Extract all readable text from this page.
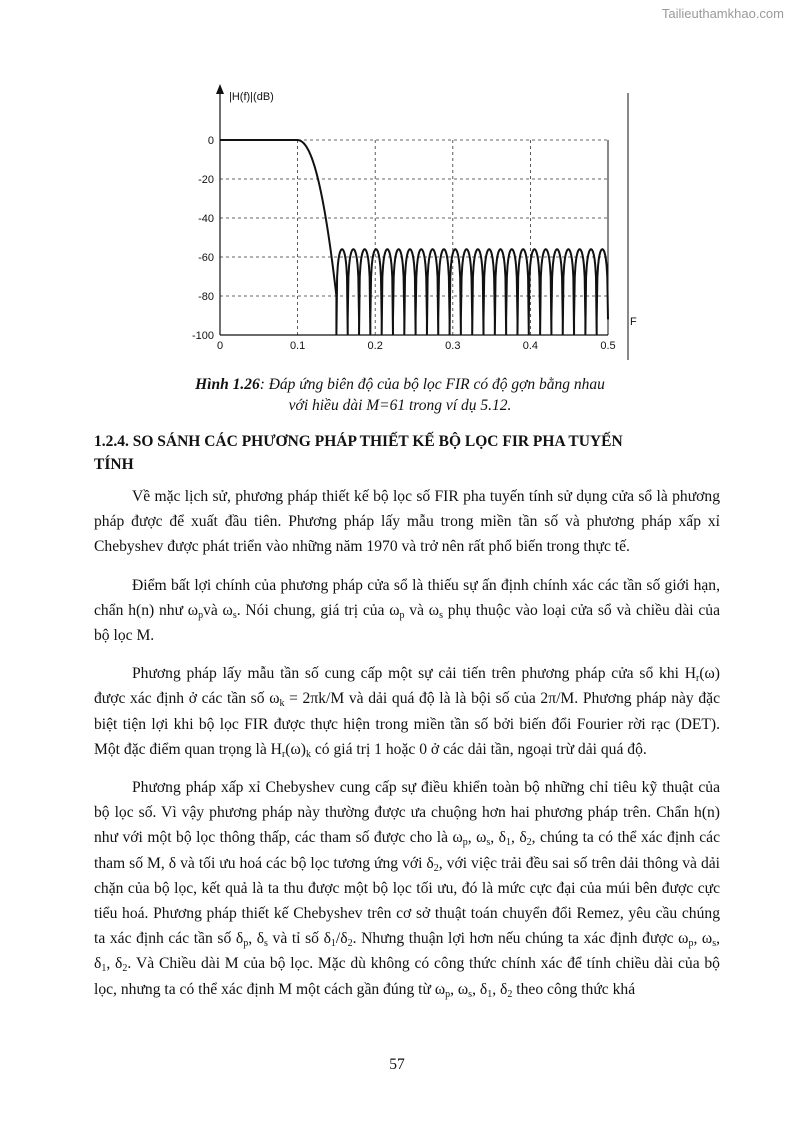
Tailieuthamkhao.com
0	0.1	0.2	0.3	0.4	0.5
0
-20
-40
-60
-80
-100
|H(f)|(dB)
F
Hình 1.26: Đáp ứng biên độ của bộ lọc FIR có độ gợn bằng nhau
với hiều dài M=61 trong ví dụ 5.12.
1.2.4. SO SÁNH CÁC PHƯƠNG PHÁP THIẾT KẾ BỘ LỌC FIR PHA TUYẾN
TÍNH

Về mặc lịch sử, phương pháp thiết kế bộ lọc số FIR pha tuyến tính sử dụng cửa sổ là phương pháp được để xuất đầu tiên. Phương pháp lấy mẫu trong miền tần số và phương pháp xấp xỉ Chebyshev được phát triển vào những năm 1970 và trở nên rất phổ biến trong thực tế.

Điểm bất lợi chính của phương pháp cửa sổ là thiếu sự ấn định chính xác các tần số giới hạn, chẩn h(n) như $\omega_pvà$ $\omega_s$. Nói chung, giá trị của $\omega_p$ và $\omega_s$ phụ thuộc vào loại cửa sổ và chiều dài của bộ lọc M.

Phương pháp lấy mẫu tần số cung cấp một sự cải tiến trên phương pháp cửa sổ khi $H_r(\omega)$ được xác định ở các tần số $\omega_k = 2\pi k/M$ và dải quá độ là là bội số của 2π/M. Phương pháp này đặc biệt tiện lợi khi bộ lọc FIR được thực hiện trong miền tần số bởi biến đổi Fourier rời rạc (DET). Một đặc điểm quan trọng là $H_r(\omega)_k$ có giá trị 1 hoặc 0 ở các dải tần, ngoại trừ dải quá độ.

Phương pháp xấp xỉ Chebyshev cung cấp sự điều khiển toàn bộ những chỉ tiêu kỹ thuật của bộ lọc số. Vì vậy phương pháp này thường được ưa chuộng hơn hai phương pháp trên. Chẩn h(n) như với một bộ lọc thông thấp, các tham số được cho là $\omega_p$, $\omega_s$, $\delta_1$, $\delta_2$, chúng ta có thể xác định các tham số M, δ và tối ưu hoá các bộ lọc tương ứng với $\delta_2$, với việc trải đều sai số trên dải thông và dải chặn của bộ lọc, kết quả là ta thu được một bộ lọc tối ưu, đó là mức cực đại của múi bên được cực tiểu hoá. Phương pháp thiết kế Chebyshev trên cơ sở thuật toán chuyển đổi Remez, yêu cầu chúng ta xác định các tần số $\delta_p$, $\delta_s$ và tỉ số $\delta_1/\delta_2$. Nhưng thuận lợi hơn nếu chúng ta xác định được $\omega_p$, $\omega_s$, $\delta_1$, $\delta_2$. Và Chiều dài M của bộ lọc. Mặc dù không có công thức chính xác để tính chiều dài của bộ lọc, nhưng ta có thể xác định M một cách gần đúng từ $\omega_p$, $\omega_s$, $\delta_1$, $\delta_2$ theo công thức khá

57
